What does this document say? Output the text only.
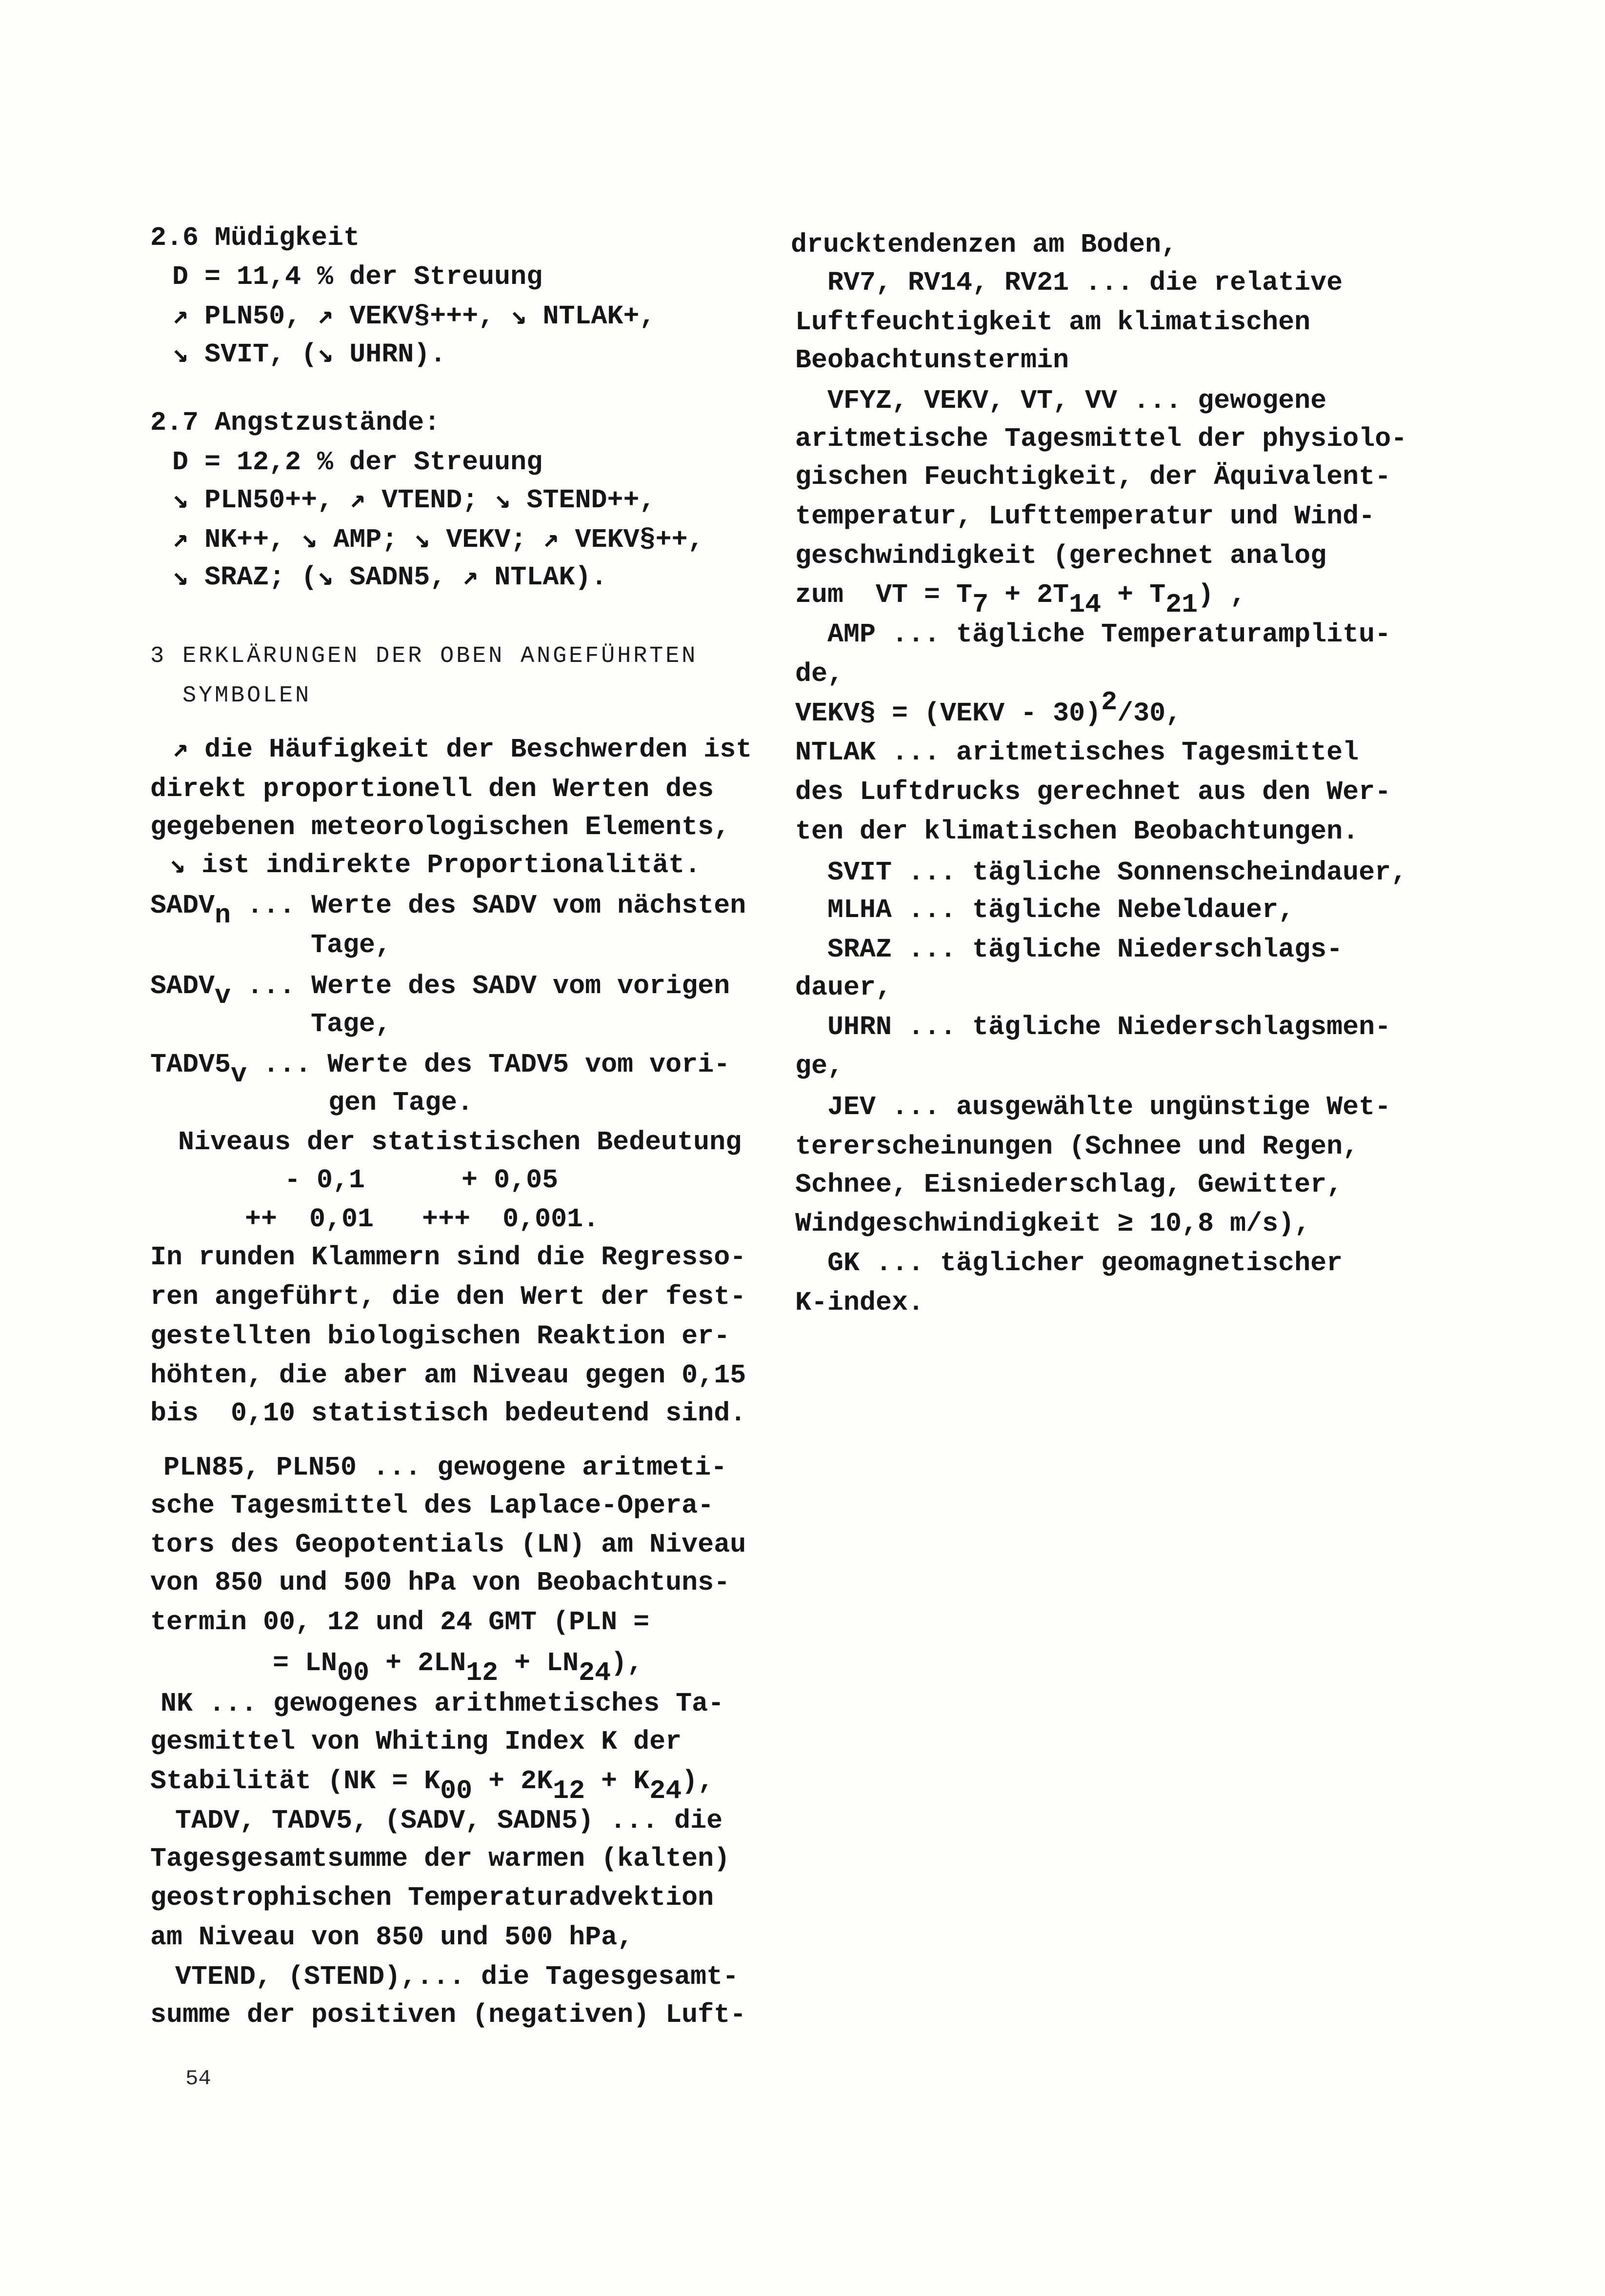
2.6 Müdigkeit
D = 11,4 % der Streuung
↗ PLN50, ↗ VEKV§+++, ↘ NTLAK+,
↘ SVIT, (↘ UHRN).
2.7 Angstzustände:
D = 12,2 % der Streuung
↘ PLN50++, ↗ VTEND; ↘ STEND++,
↗ NK++, ↘ AMP; ↘ VEKV; ↗ VEKV§++,
↘ SRAZ; (↘ SADN5, ↗ NTLAK).
3 ERKLÄRUNGEN DER OBEN ANGEFÜHRTEN
SYMBOLEN
↗ die Häufigkeit der Beschwerden ist
direkt proportionell den Werten des
gegebenen meteorologischen Elements,
↘ ist indirekte Proportionalität.
SADVn ... Werte des SADV vom nächsten
Tage,
SADVv ... Werte des SADV vom vorigen
Tage,
TADV5v ... Werte des TADV5 vom vori-
gen Tage.
Niveaus der statistischen Bedeutung
- 0,1      + 0,05
++  0,01   +++  0,001.
In runden Klammern sind die Regresso-
ren angeführt, die den Wert der fest-
gestellten biologischen Reaktion er-
höhten, die aber am Niveau gegen 0,15
bis  0,10 statistisch bedeutend sind.
PLN85, PLN50 ... gewogene aritmeti-
sche Tagesmittel des Laplace-Opera-
tors des Geopotentials (LN) am Niveau
von 850 und 500 hPa von Beobachtuns-
termin 00, 12 und 24 GMT (PLN =
= LN00 + 2LN12 + LN24),
NK ... gewogenes arithmetisches Ta-
gesmittel von Whiting Index K der
Stabilität (NK = K00 + 2K12 + K24),
TADV, TADV5, (SADV, SADN5) ... die
Tagesgesamtsumme der warmen (kalten)
geostrophischen Temperaturadvektion
am Niveau von 850 und 500 hPa,
VTEND, (STEND),... die Tagesgesamt-
summe der positiven (negativen) Luft-
54
drucktendenzen am Boden,
RV7, RV14, RV21 ... die relative
Luftfeuchtigkeit am klimatischen
Beobachtunstermin
VFYZ, VEKV, VT, VV ... gewogene
aritmetische Tagesmittel der physiolo-
gischen Feuchtigkeit, der Äquivalent-
temperatur, Lufttemperatur und Wind-
geschwindigkeit (gerechnet analog
zum  VT = T7 + 2T14 + T21) ,
AMP ... tägliche Temperaturamplitu-
de,
VEKV§ = (VEKV - 30)2/30,
NTLAK ... aritmetisches Tagesmittel
des Luftdrucks gerechnet aus den Wer-
ten der klimatischen Beobachtungen.
SVIT ... tägliche Sonnenscheindauer,
MLHA ... tägliche Nebeldauer,
SRAZ ... tägliche Niederschlags-
dauer,
UHRN ... tägliche Niederschlagsmen-
ge,
JEV ... ausgewählte ungünstige Wet-
tererscheinungen (Schnee und Regen,
Schnee, Eisniederschlag, Gewitter,
Windgeschwindigkeit ≥ 10,8 m/s),
GK ... täglicher geomagnetischer
K-index.
